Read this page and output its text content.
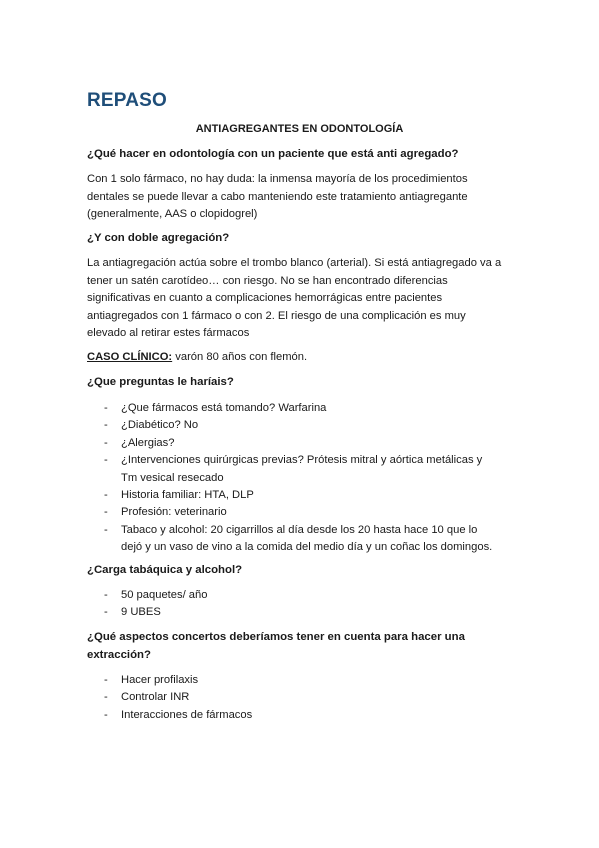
REPASO
ANTIAGREGANTES EN ODONTOLOGÍA
¿Qué hacer en odontología con un paciente que está anti agregado?
Con 1 solo fármaco, no hay duda: la inmensa mayoría de los procedimientos
dentales se puede llevar a cabo manteniendo este tratamiento antiagregante
(generalmente, AAS o clopidogrel)
¿Y con doble agregación?
La antiagregación actúa sobre el trombo blanco (arterial). Si está antiagregado va a
tener un satén carotídeo… con riesgo. No se han encontrado diferencias
significativas en cuanto a complicaciones hemorrágicas entre pacientes
antiagregados con 1 fármaco o con 2. El riesgo de una complicación es muy
elevado al retirar estes fármacos
CASO CLÍNICO: varón 80 años con flemón.
¿Que preguntas le haríais?
- ¿Que fármacos está tomando? Warfarina
- ¿Diabético? No
- ¿Alergias?
- ¿Intervenciones quirúrgicas previas? Prótesis mitral y aórtica metálicas y
Tm vesical resecado
- Historia familiar: HTA, DLP
- Profesión: veterinario
- Tabaco y alcohol: 20 cigarrillos al día desde los 20 hasta hace 10 que lo
dejó y un vaso de vino a la comida del medio día y un coñac los domingos.
¿Carga tabáquica y alcohol?
- 50 paquetes/ año
- 9 UBES
¿Qué aspectos concertos deberíamos tener en cuenta para hacer una
extracción?
- Hacer profilaxis
- Controlar INR
- Interacciones de fármacos
